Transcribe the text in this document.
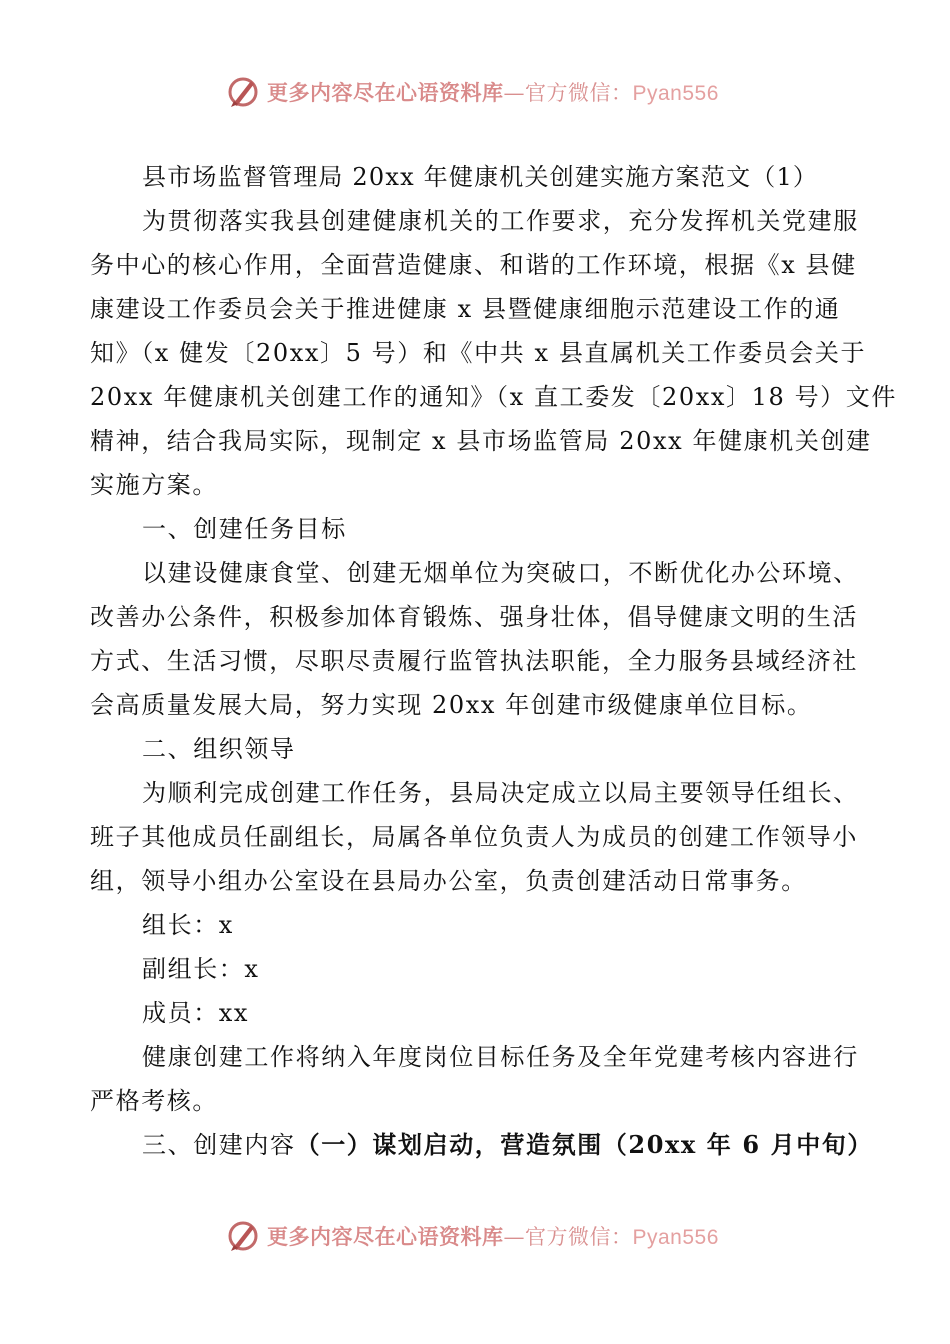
更多内容尽在心语资料库—官方微信：Pyan556
县市场监督管理局 20xx 年健康机关创建实施方案范文（1）
为贯彻落实我县创建健康机关的工作要求，充分发挥机关党建服
务中心的核心作用，全面营造健康、和谐的工作环境，根据《x 县健
康建设工作委员会关于推进健康 x 县暨健康细胞示范建设工作的通
知》（x 健发〔20xx〕5 号）和《中共 x 县直属机关工作委员会关于
20xx 年健康机关创建工作的通知》（x 直工委发〔20xx〕18 号）文件
精神，结合我局实际，现制定 x 县市场监管局 20xx 年健康机关创建
实施方案。
一、创建任务目标
以建设健康食堂、创建无烟单位为突破口，不断优化办公环境、
改善办公条件，积极参加体育锻炼、强身壮体，倡导健康文明的生活
方式、生活习惯，尽职尽责履行监管执法职能，全力服务县域经济社
会高质量发展大局，努力实现 20xx 年创建市级健康单位目标。
二、组织领导
为顺利完成创建工作任务，县局决定成立以局主要领导任组长、
班子其他成员任副组长，局属各单位负责人为成员的创建工作领导小
组，领导小组办公室设在县局办公室，负责创建活动日常事务。
组长：x
副组长：x
成员：xx
健康创建工作将纳入年度岗位目标任务及全年党建考核内容进行
严格考核。
三、创建内容（一）谋划启动，营造氛围（20xx 年 6 月中旬）
更多内容尽在心语资料库—官方微信：Pyan556
